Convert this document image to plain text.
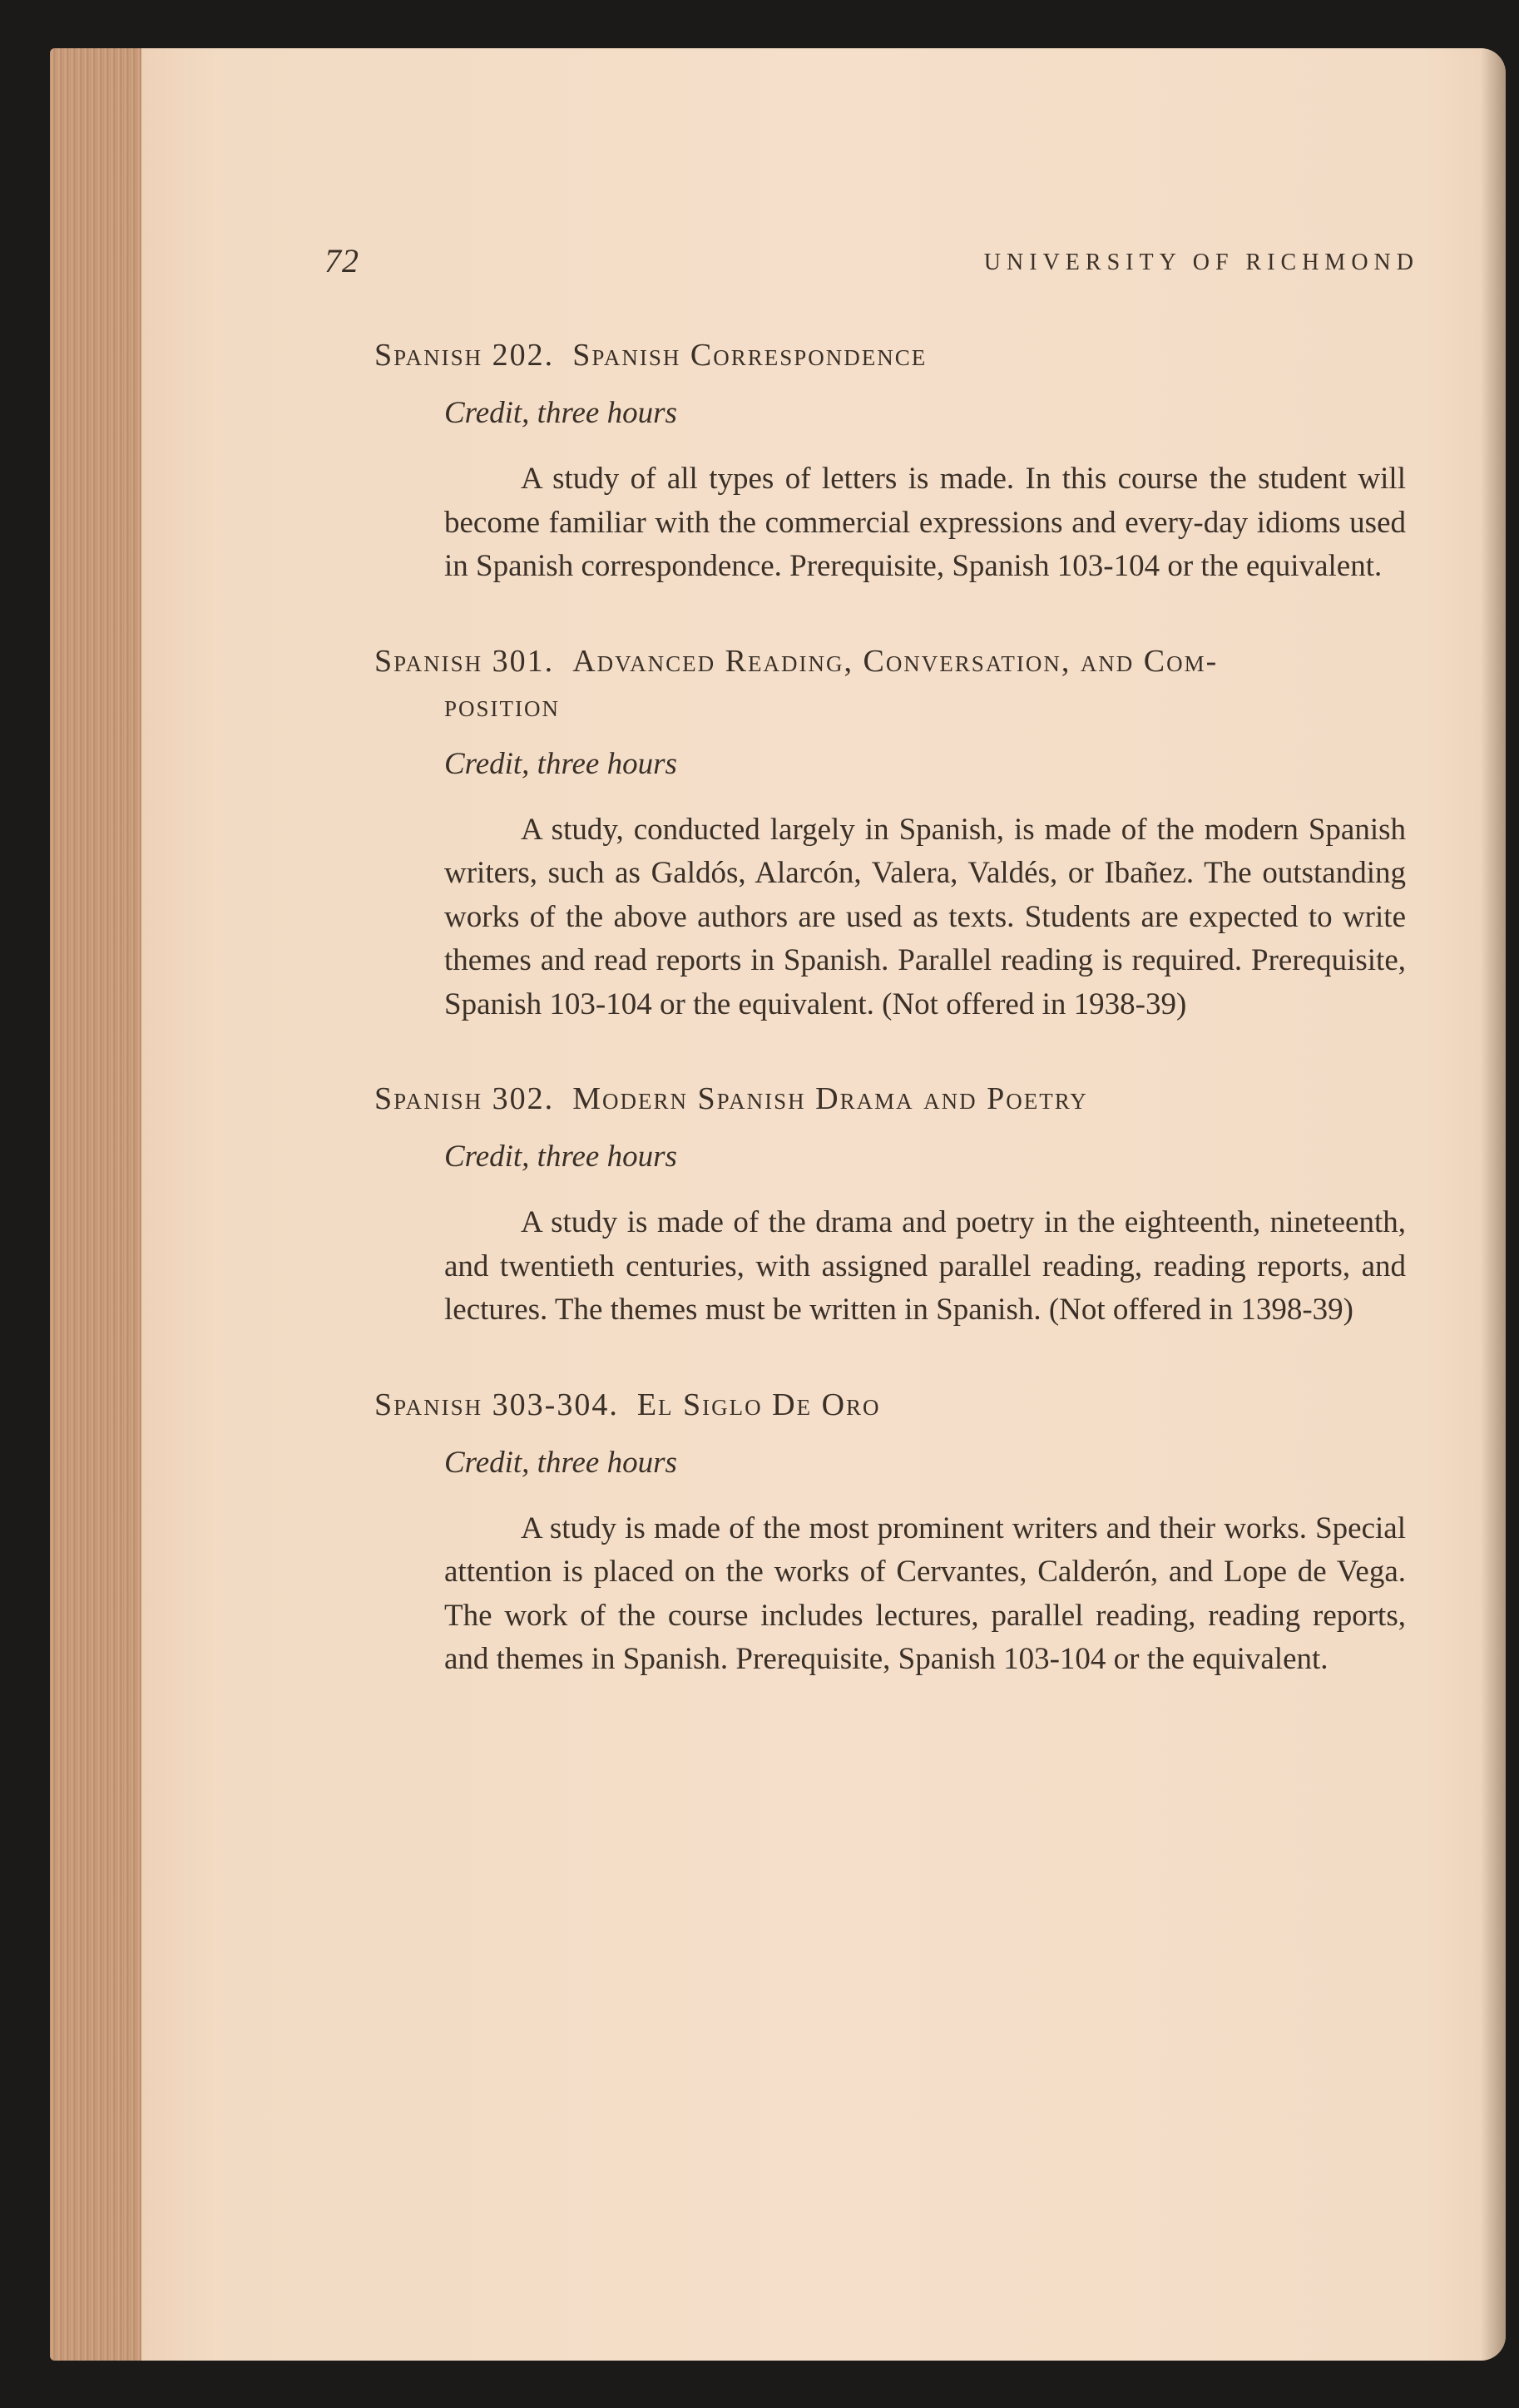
72	UNIVERSITY OF RICHMOND
Spanish 202. Spanish Correspondence

Credit, three hours

A study of all types of letters is made. In this course the student will become familiar with the commercial expressions and every-day idioms used in Spanish correspondence. Prerequisite, Spanish 103-104 or the equivalent.

Spanish 301. Advanced Reading, Conversation, and Com-
position

Credit, three hours

A study, conducted largely in Spanish, is made of the modern Spanish writers, such as Galdós, Alarcón, Valera, Valdés, or Ibañez. The outstanding works of the above authors are used as texts. Students are expected to write themes and read reports in Spanish. Parallel reading is required. Prerequisite, Spanish 103-104 or the equivalent. (Not offered in 1938-39)

Spanish 302. Modern Spanish Drama and Poetry

Credit, three hours

A study is made of the drama and poetry in the eighteenth, nineteenth, and twentieth centuries, with assigned parallel reading, reading reports, and lectures. The themes must be written in Spanish. (Not offered in 1398-39)

Spanish 303-304. El Siglo De Oro

Credit, three hours

A study is made of the most prominent writers and their works. Special attention is placed on the works of Cervantes, Calderón, and Lope de Vega. The work of the course includes lectures, parallel reading, reading reports, and themes in Spanish. Prerequisite, Spanish 103-104 or the equivalent.
